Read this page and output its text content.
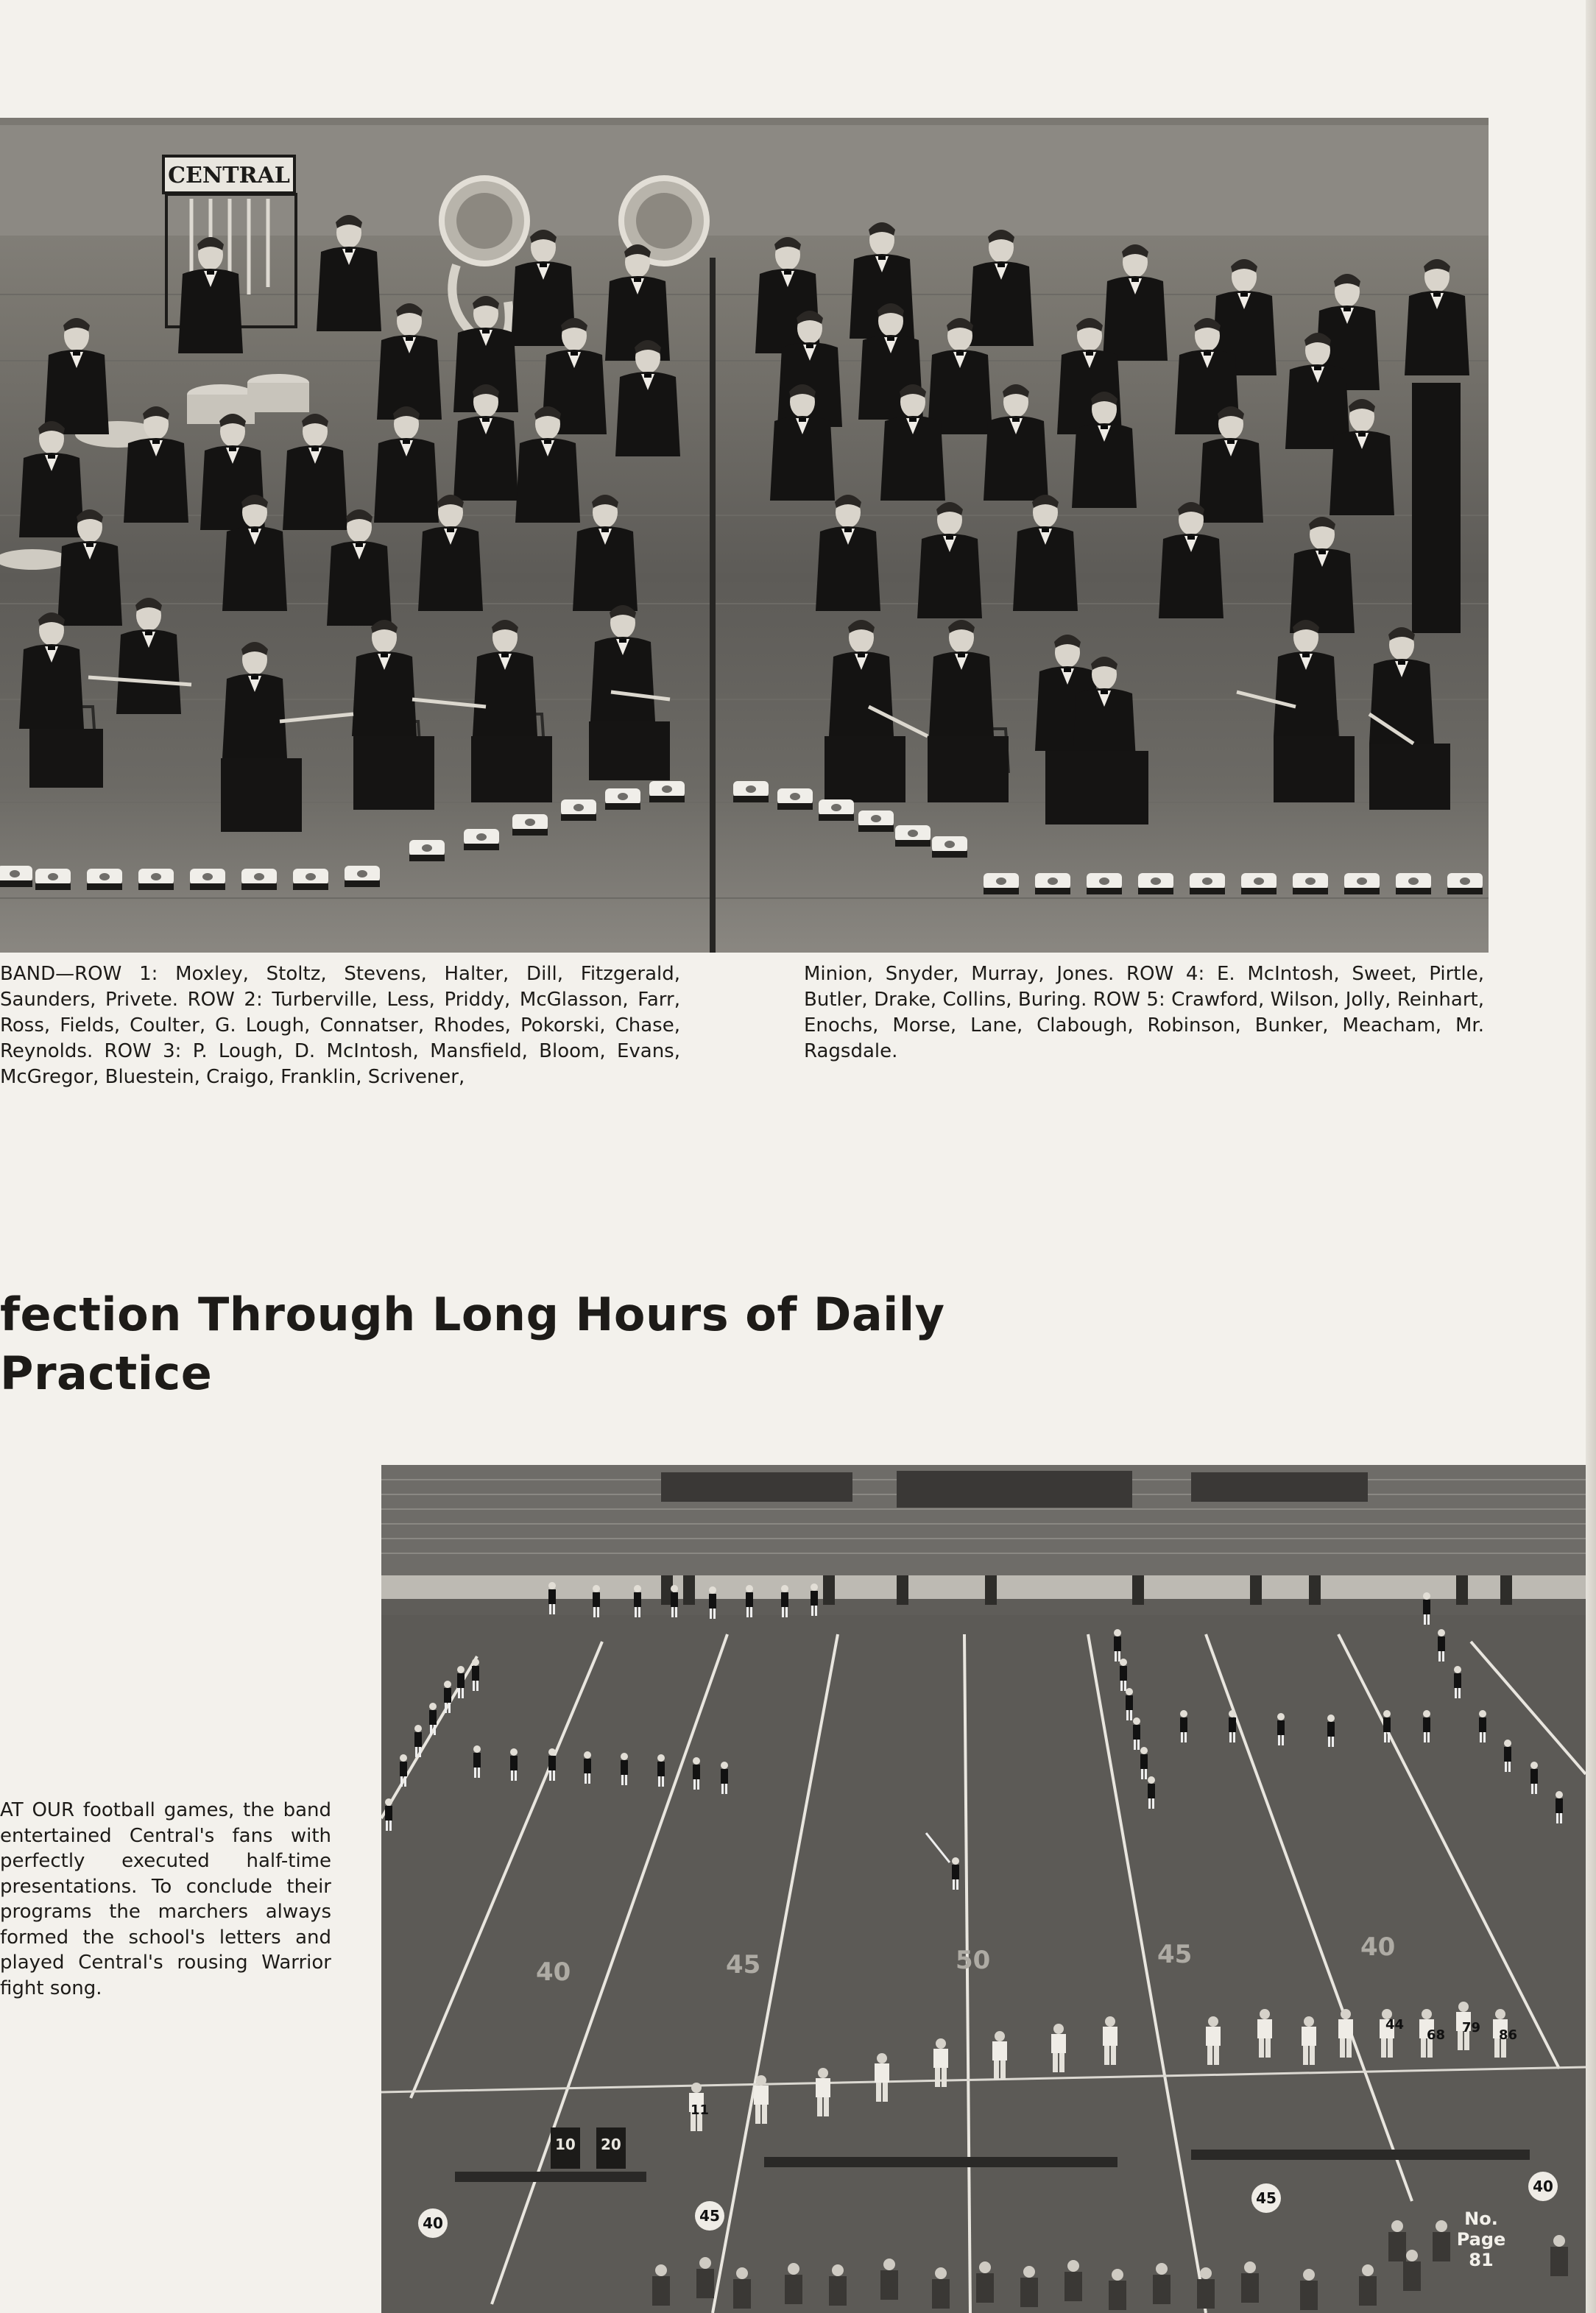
CENTRAL

BAND—ROW 1: Moxley, Stoltz, Stevens, Halter, Dill, Fitzgerald, Saunders, Privete. ROW 2: Turberville, Less, Priddy, McGlasson, Farr, Ross, Fields, Coulter, G. Lough, Connatser, Rhodes, Pokorski, Chase, Reynolds. ROW 3: P. Lough, D. McIntosh, Mansfield, Bloom, Evans, McGregor, Bluestein, Craigo, Franklin, Scrivener,

Minion, Snyder, Murray, Jones. ROW 4: E. McIntosh, Sweet, Pirtle, Butler, Drake, Collins, Buring. ROW 5: Crawford, Wilson, Jolly, Reinhart, Enochs, Morse, Lane, Clabough, Robinson, Bunker, Meacham, Mr. Ragsdale.

fection Through Long Hours of Daily Practice

AT OUR football games, the band entertained Central's fans with perfectly executed half-time presentations. To conclude their programs the marchers always formed the school's letters and played Central's rousing Warrior fight song.

40	45	50	45	40
11
44
68 79 86
10 20
40	45
45
40
No.
Page
81
